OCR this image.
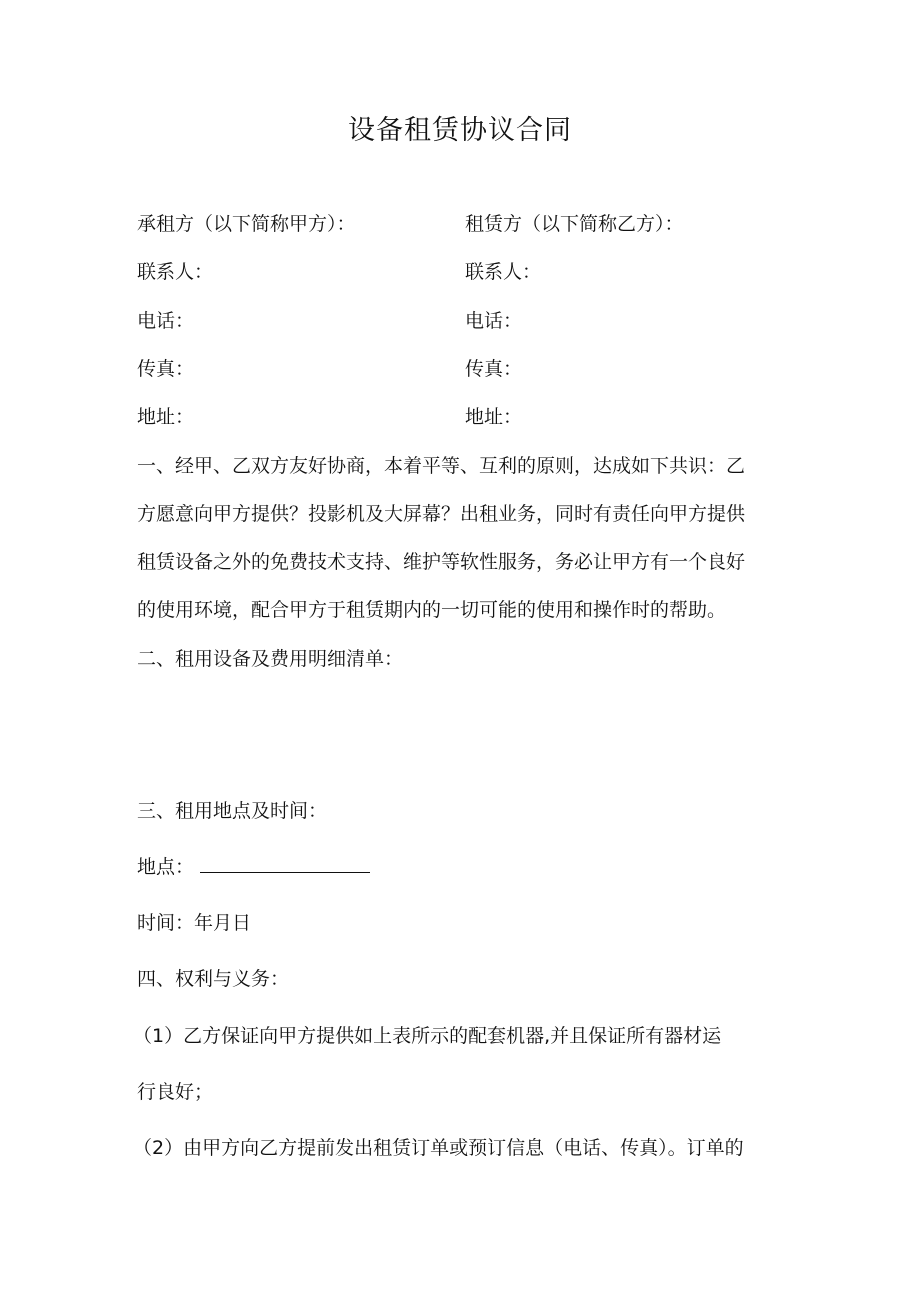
设备租赁协议合同
承租方（以下简称甲方）：	租赁方（以下简称乙方）：
联系人：	联系人：
电话：	电话：
传真：	传真：
地址：	地址：
一、经甲、乙双方友好协商，本着平等、互利的原则，达成如下共识：乙
方愿意向甲方提供？投影机及大屏幕？出租业务，同时有责任向甲方提供
租赁设备之外的免费技术支持、维护等软性服务，务必让甲方有一个良好
的使用环境，配合甲方于租赁期内的一切可能的使用和操作时的帮助。
二、租用设备及费用明细清单：
三、租用地点及时间：
地点：
时间：年月日
四、权利与义务：
（1）乙方保证向甲方提供如上表所示的配套机器,并且保证所有器材运
行良好；
（2）由甲方向乙方提前发出租赁订单或预订信息（电话、传真）。订单的
